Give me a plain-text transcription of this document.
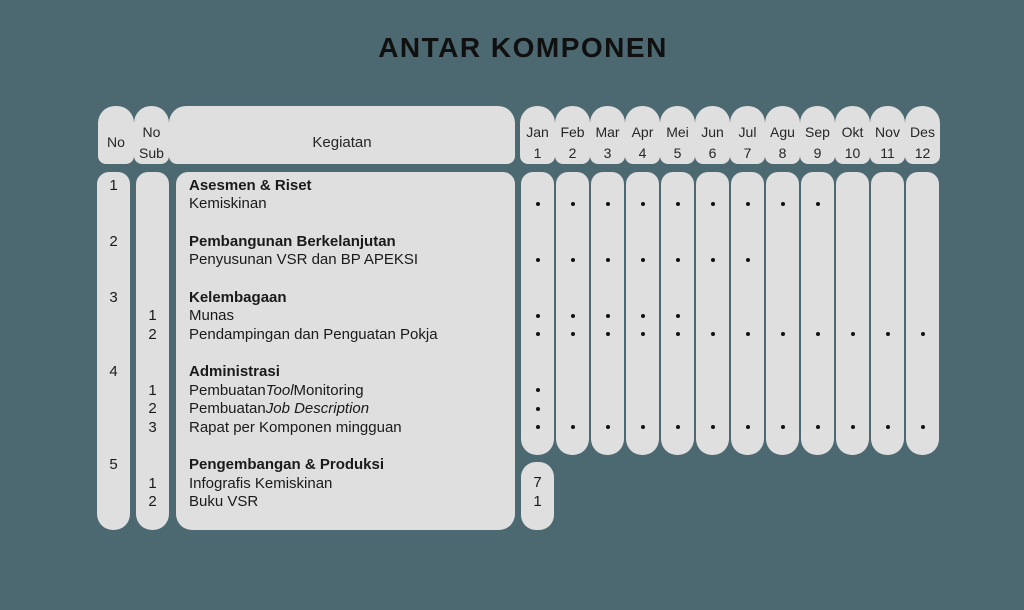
ANTAR KOMPONEN
No
No
Sub
Kegiatan
Jan
1
Feb
2
Mar
3
Apr
4
Mei
5
Jun
6
Jul
7
Agu
8
Sep
9
Okt
10
Nov
11
Des
12
1
2
3
4
5
1
2
1
2
3
1
2
Asesmen & Riset
Kemiskinan
Pembangunan Berkelanjutan
Penyusunan VSR dan BP APEKSI
Kelembagaan
Munas
Pendampingan dan Penguatan Pokja
Administrasi
Pembuatan Tool Monitoring
Pembuatan Job Description
Rapat per Komponen mingguan
Pengembangan & Produksi
Infografis Kemiskinan
Buku VSR
7
1
